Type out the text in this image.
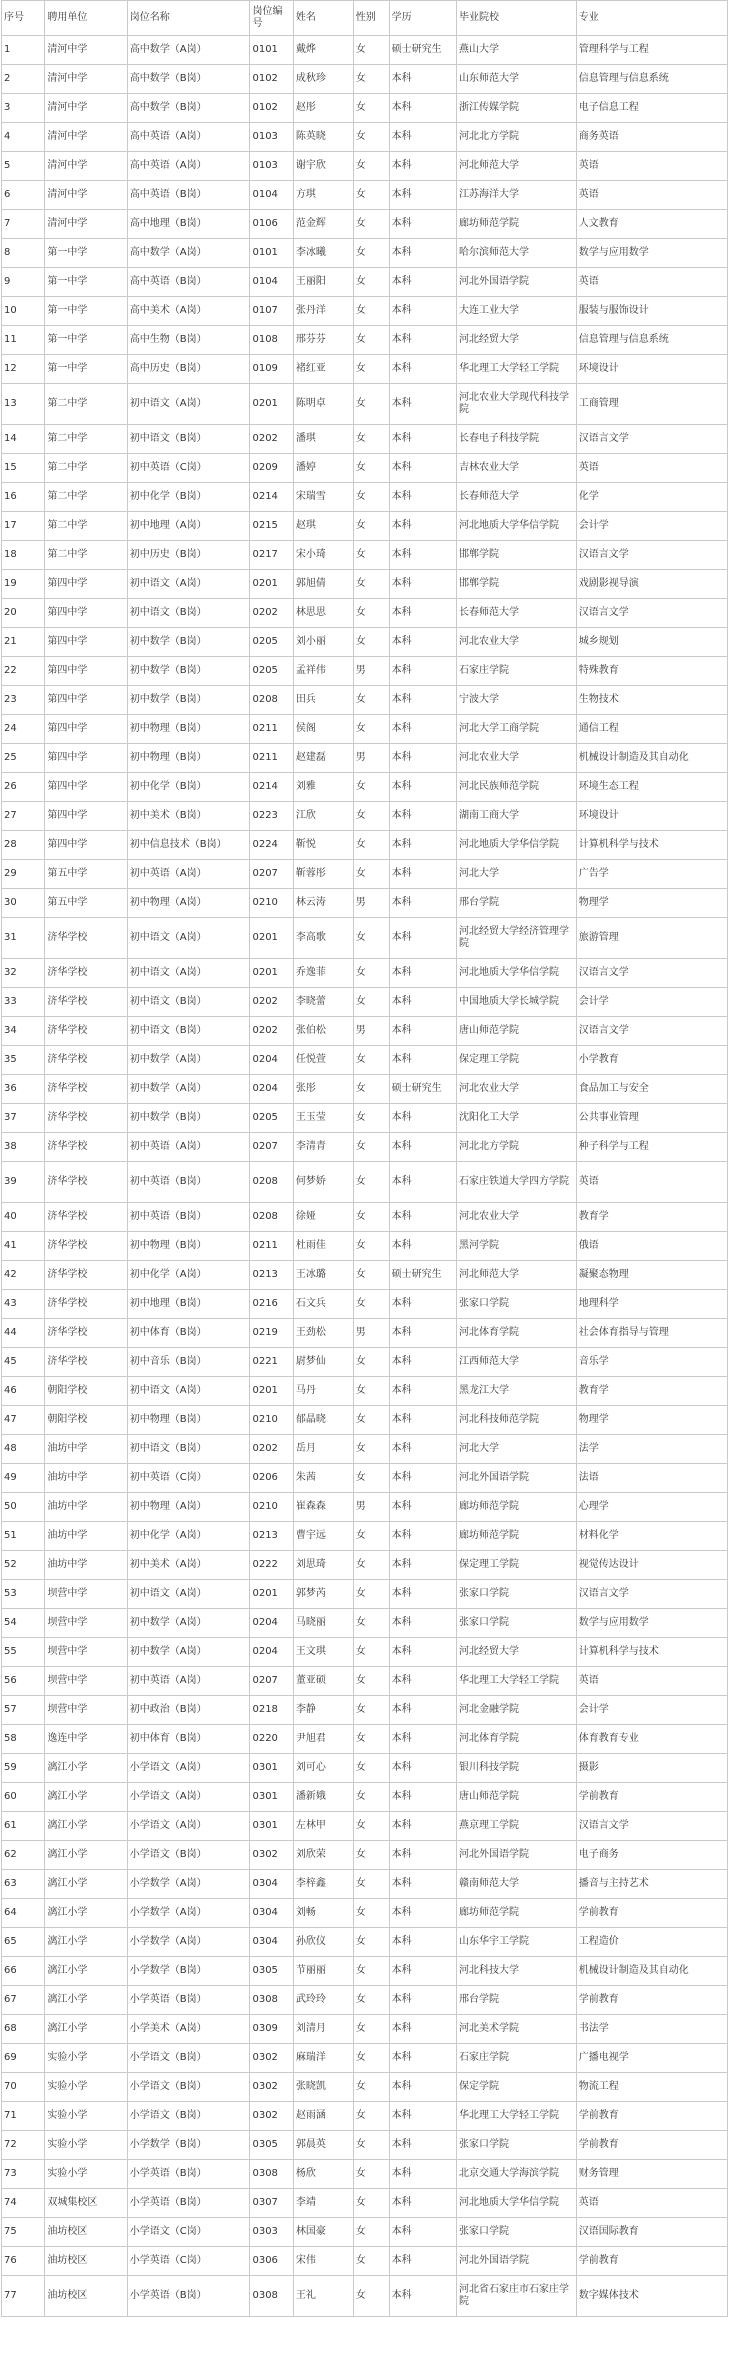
序号	聘用单位	岗位名称	岗位编号	姓名	性别	学历	毕业院校	专业
1	清河中学	高中数学（A岗）	0101	戴烨	女	硕士研究生	燕山大学	管理科学与工程
2	清河中学	高中数学（B岗）	0102	成秋珍	女	本科	山东师范大学	信息管理与信息系统
3	清河中学	高中数学（B岗）	0102	赵彤	女	本科	浙江传媒学院	电子信息工程
4	清河中学	高中英语（A岗）	0103	陈英晓	女	本科	河北北方学院	商务英语
5	清河中学	高中英语（A岗）	0103	谢宇欣	女	本科	河北师范大学	英语
6	清河中学	高中英语（B岗）	0104	方琪	女	本科	江苏海洋大学	英语
7	清河中学	高中地理（B岗）	0106	范金辉	女	本科	廊坊师范学院	人文教育
8	第一中学	高中数学（A岗）	0101	李冰曦	女	本科	哈尔滨师范大学	数学与应用数学
9	第一中学	高中英语（B岗）	0104	王丽阳	女	本科	河北外国语学院	英语
10	第一中学	高中美术（A岗）	0107	张丹洋	女	本科	大连工业大学	服装与服饰设计
11	第一中学	高中生物（B岗）	0108	邢芬芬	女	本科	河北经贸大学	信息管理与信息系统
12	第一中学	高中历史（B岗）	0109	褚红亚	女	本科	华北理工大学轻工学院	环境设计
13	第二中学	初中语文（A岗）	0201	陈明卓	女	本科	河北农业大学现代科技学院	工商管理
14	第二中学	初中语文（B岗）	0202	潘琪	女	本科	长春电子科技学院	汉语言文学
15	第二中学	初中英语（C岗）	0209	潘婷	女	本科	吉林农业大学	英语
16	第二中学	初中化学（B岗）	0214	宋瑞雪	女	本科	长春师范大学	化学
17	第二中学	初中地理（A岗）	0215	赵琪	女	本科	河北地质大学华信学院	会计学
18	第二中学	初中历史（B岗）	0217	宋小琦	女	本科	邯郸学院	汉语言文学
19	第四中学	初中语文（A岗）	0201	郭旭倩	女	本科	邯郸学院	戏剧影视导演
20	第四中学	初中语文（B岗）	0202	林思思	女	本科	长春师范大学	汉语言文学
21	第四中学	初中数学（B岗）	0205	刘小丽	女	本科	河北农业大学	城乡规划
22	第四中学	初中数学（B岗）	0205	孟祥伟	男	本科	石家庄学院	特殊教育
23	第四中学	初中数学（B岗）	0208	田兵	女	本科	宁波大学	生物技术
24	第四中学	初中物理（B岗）	0211	侯阁	女	本科	河北大学工商学院	通信工程
25	第四中学	初中物理（B岗）	0211	赵建磊	男	本科	河北农业大学	机械设计制造及其自动化
26	第四中学	初中化学（B岗）	0214	刘雅	女	本科	河北民族师范学院	环境生态工程
27	第四中学	初中美术（B岗）	0223	江欣	女	本科	湖南工商大学	环境设计
28	第四中学	初中信息技术（B岗）	0224	靳悦	女	本科	河北地质大学华信学院	计算机科学与技术
29	第五中学	初中英语（A岗）	0207	靳蓉彤	女	本科	河北大学	广告学
30	第五中学	初中物理（A岗）	0210	林云涛	男	本科	邢台学院	物理学
31	济华学校	初中语文（A岗）	0201	李高歌	女	本科	河北经贸大学经济管理学院	旅游管理
32	济华学校	初中语文（A岗）	0201	乔逸菲	女	本科	河北地质大学华信学院	汉语言文学
33	济华学校	初中语文（B岗）	0202	李晓蕾	女	本科	中国地质大学长城学院	会计学
34	济华学校	初中语文（B岗）	0202	张伯松	男	本科	唐山师范学院	汉语言文学
35	济华学校	初中数学（A岗）	0204	任悦萱	女	本科	保定理工学院	小学教育
36	济华学校	初中数学（A岗）	0204	张彤	女	硕士研究生	河北农业大学	食品加工与安全
37	济华学校	初中数学（B岗）	0205	王玉莹	女	本科	沈阳化工大学	公共事业管理
38	济华学校	初中英语（A岗）	0207	李清青	女	本科	河北北方学院	种子科学与工程
39	济华学校	初中英语（B岗）	0208	何梦娇	女	本科	石家庄铁道大学四方学院	英语
40	济华学校	初中英语（B岗）	0208	徐娅	女	本科	河北农业大学	教育学
41	济华学校	初中物理（B岗）	0211	杜雨佳	女	本科	黑河学院	俄语
42	济华学校	初中化学（A岗）	0213	王冰璐	女	硕士研究生	河北师范大学	凝聚态物理
43	济华学校	初中地理（B岗）	0216	石文兵	女	本科	张家口学院	地理科学
44	济华学校	初中体育（B岗）	0219	王劲松	男	本科	河北体育学院	社会体育指导与管理
45	济华学校	初中音乐（B岗）	0221	尉梦仙	女	本科	江西师范大学	音乐学
46	朝阳学校	初中语文（A岗）	0201	马丹	女	本科	黑龙江大学	教育学
47	朝阳学校	初中物理（B岗）	0210	郁晶晓	女	本科	河北科技师范学院	物理学
48	油坊中学	初中语文（B岗）	0202	岳月	女	本科	河北大学	法学
49	油坊中学	初中英语（C岗）	0206	朱茜	女	本科	河北外国语学院	法语
50	油坊中学	初中物理（A岗）	0210	崔森森	男	本科	廊坊师范学院	心理学
51	油坊中学	初中化学（A岗）	0213	曹宇远	女	本科	廊坊师范学院	材料化学
52	油坊中学	初中美术（A岗）	0222	刘思琦	女	本科	保定理工学院	视觉传达设计
53	坝营中学	初中语文（A岗）	0201	郭梦芮	女	本科	张家口学院	汉语言文学
54	坝营中学	初中数学（A岗）	0204	马晓丽	女	本科	张家口学院	数学与应用数学
55	坝营中学	初中数学（A岗）	0204	王文琪	女	本科	河北经贸大学	计算机科学与技术
56	坝营中学	初中英语（A岗）	0207	董亚硕	女	本科	华北理工大学轻工学院	英语
57	坝营中学	初中政治（B岗）	0218	李静	女	本科	河北金融学院	会计学
58	逸连中学	初中体育（B岗）	0220	尹旭君	女	本科	河北体育学院	体育教育专业
59	漓江小学	小学语文（A岗）	0301	刘可心	女	本科	银川科技学院	摄影
60	漓江小学	小学语文（A岗）	0301	潘新娥	女	本科	唐山师范学院	学前教育
61	漓江小学	小学语文（A岗）	0301	左林甲	女	本科	燕京理工学院	汉语言文学
62	漓江小学	小学语文（B岗）	0302	刘欣荣	女	本科	河北外国语学院	电子商务
63	漓江小学	小学数学（A岗）	0304	李梓鑫	女	本科	赣南师范大学	播音与主持艺术
64	漓江小学	小学数学（A岗）	0304	刘畅	女	本科	廊坊师范学院	学前教育
65	漓江小学	小学数学（A岗）	0304	孙欣仪	女	本科	山东华宇工学院	工程造价
66	漓江小学	小学数学（B岗）	0305	节丽丽	女	本科	河北科技大学	机械设计制造及其自动化
67	漓江小学	小学英语（B岗）	0308	武玲玲	女	本科	邢台学院	学前教育
68	漓江小学	小学美术（A岗）	0309	刘清月	女	本科	河北美术学院	书法学
69	实验小学	小学语文（B岗）	0302	麻瑞洋	女	本科	石家庄学院	广播电视学
70	实验小学	小学语文（B岗）	0302	张晓凯	女	本科	保定学院	物流工程
71	实验小学	小学语文（B岗）	0302	赵雨涵	女	本科	华北理工大学轻工学院	学前教育
72	实验小学	小学数学（B岗）	0305	郭晨英	女	本科	张家口学院	学前教育
73	实验小学	小学英语（B岗）	0308	杨欣	女	本科	北京交通大学海滨学院	财务管理
74	双城集校区	小学英语（B岗）	0307	李靖	女	本科	河北地质大学华信学院	英语
75	油坊校区	小学语文（C岗）	0303	林国豪	女	本科	张家口学院	汉语国际教育
76	油坊校区	小学英语（C岗）	0306	宋伟	女	本科	河北外国语学院	学前教育
77	油坊校区	小学英语（B岗）	0308	王礼	女	本科	河北省石家庄市石家庄学院	数字媒体技术
